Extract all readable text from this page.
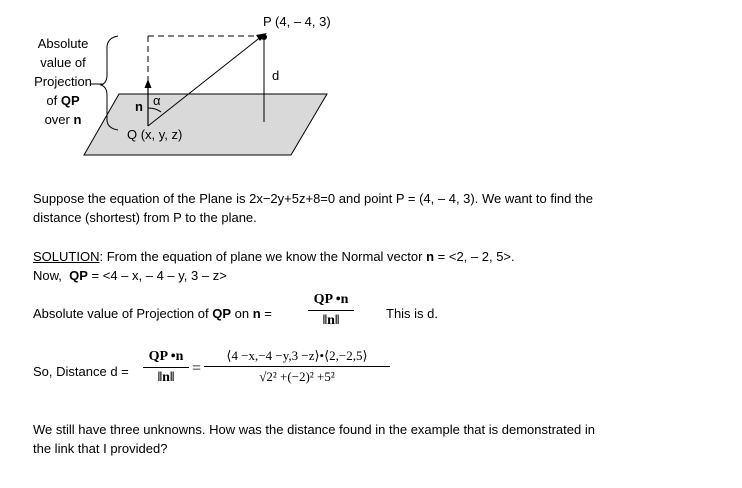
P (4, – 4, 3)
d
α
n
Q (x, y, z)
Absolute
value of
Projection
of QP
over n
Suppose the equation of the Plane is 2x−2y+5z+8=0 and point P = (4, – 4, 3). We want to find the
distance (shortest) from P to the plane.
SOLUTION: From the equation of plane we know the Normal vector n = <2, – 2, 5>.
Now,  QP = <4 – x, – 4 – y, 3 – z>
Absolute value of Projection of QP on n =
QP •n
‖n‖	This is d.
So, Distance d =
QP •n
‖n‖
=
⟨4 −x,−4 −y,3 −z⟩•⟨2,−2,5⟩
√2² +(−2)² +5²
We still have three unknowns. How was the distance found in the example that is demonstrated in
the link that I provided?
